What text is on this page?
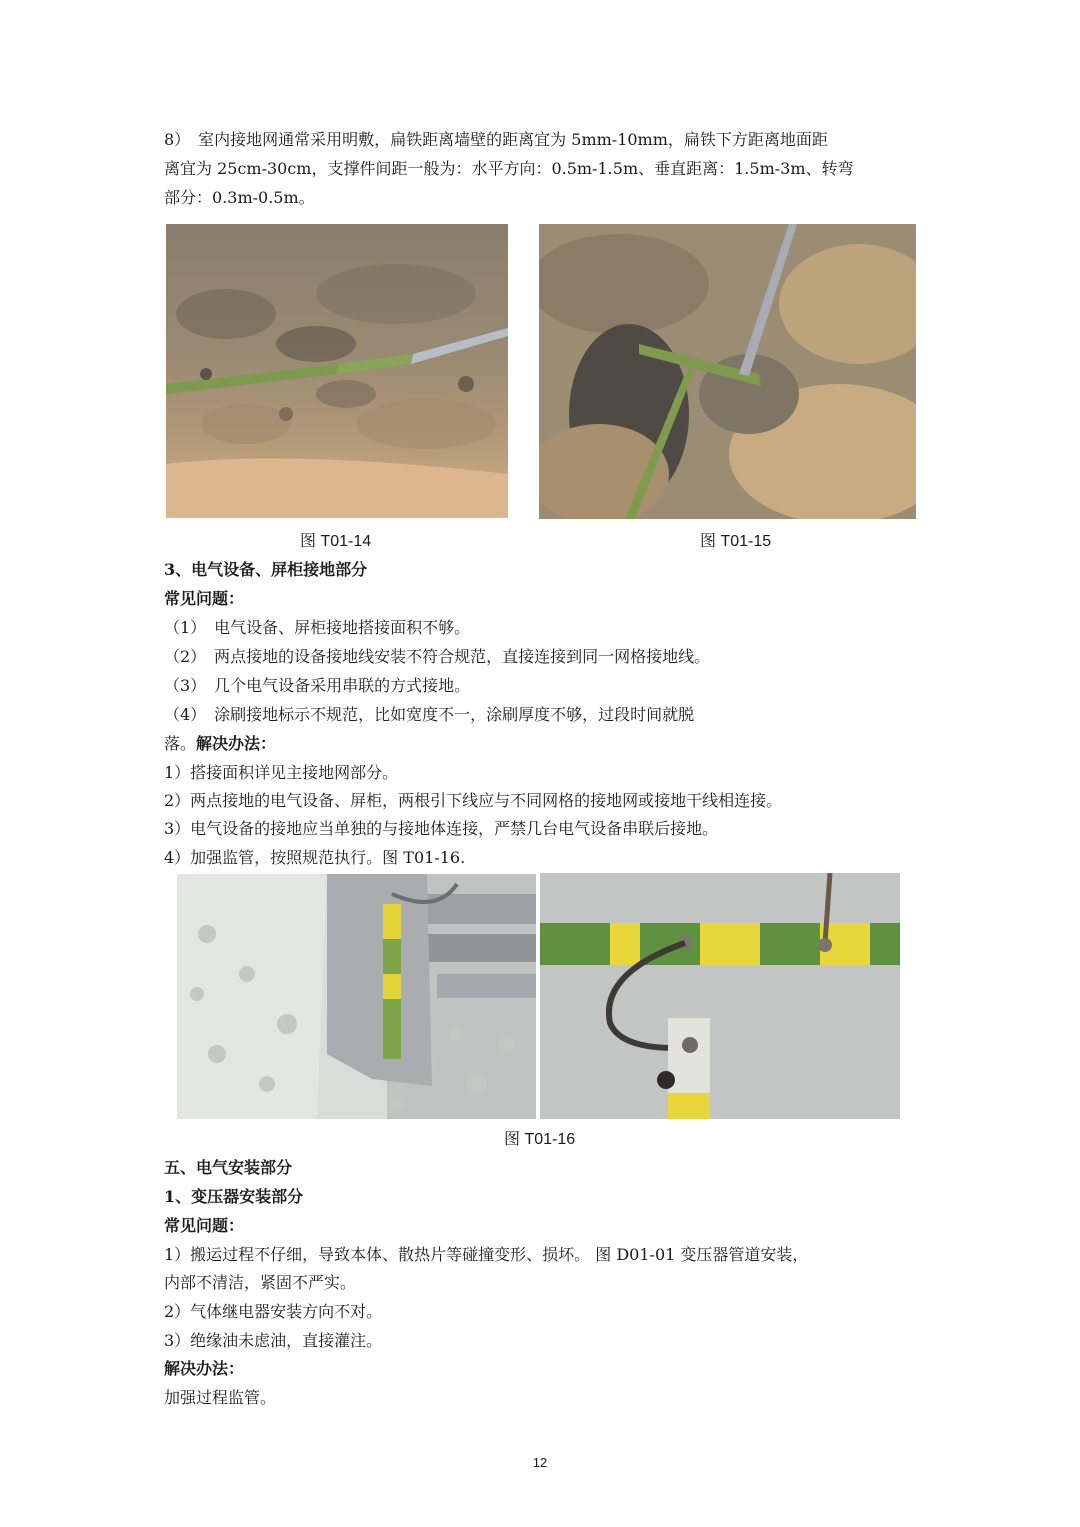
8）　室内接地网通常采用明敷，扁铁距离墙壁的距离宜为 5mm-10mm，扁铁下方距离地面距
离宜为 25cm-30cm，支撑件间距一般为：水平方向：0.5m-1.5m、垂直距离：1.5m-3m、转弯
部分：0.3m-0.5m。
图 T01-14	图 T01-15
3、电气设备、屏柜接地部分
常见问题：
（1）　电气设备、屏柜接地搭接面积不够。
（2）　两点接地的设备接地线安装不符合规范，直接连接到同一网格接地线。
（3）　几个电气设备采用串联的方式接地。
（4）　涂刷接地标示不规范，比如宽度不一，涂刷厚度不够，过段时间就脱
落。解决办法：
1）搭接面积详见主接地网部分。
2）两点接地的电气设备、屏柜，两根引下线应与不同网格的接地网或接地干线相连接。
3）电气设备的接地应当单独的与接地体连接，严禁几台电气设备串联后接地。
4）加强监管，按照规范执行。图 T01-16.
图 T01-16
五、电气安装部分
1、变压器安装部分
常见问题：
1）搬运过程不仔细，导致本体、散热片等碰撞变形、损坏。 图 D01-01 变压器管道安装，
内部不清洁，紧固不严实。
2）气体继电器安装方向不对。
3）绝缘油未虑油，直接灌注。
解决办法：
加强过程监管。
12
